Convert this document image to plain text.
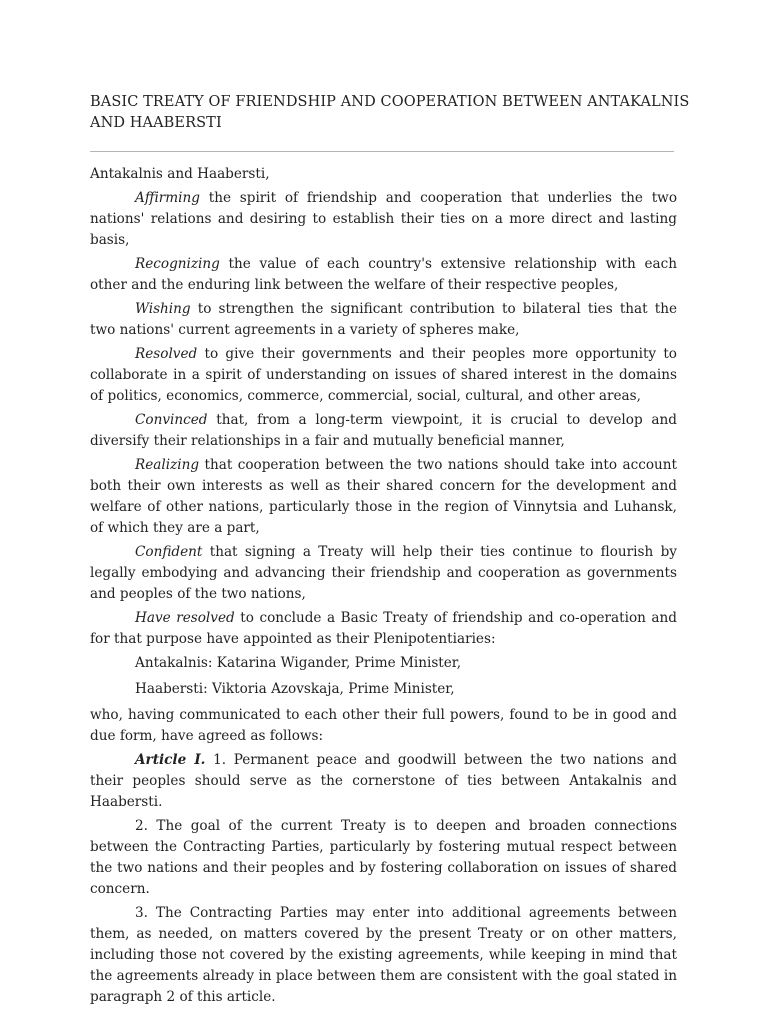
BASIC TREATY OF FRIENDSHIP AND COOPERATION BETWEEN ANTAKALNIS AND HAABERSTI

Antakalnis and Haabersti,

Affirming the spirit of friendship and cooperation that underlies the two nations' relations and desiring to establish their ties on a more direct and lasting basis,

Recognizing the value of each country's extensive relationship with each other and the enduring link between the welfare of their respective peoples,

Wishing to strengthen the significant contribution to bilateral ties that the two nations' current agreements in a variety of spheres make,

Resolved to give their governments and their peoples more opportunity to collaborate in a spirit of understanding on issues of shared interest in the domains of politics, economics, commerce, commercial, social, cultural, and other areas,

Convinced that, from a long-term viewpoint, it is crucial to develop and diversify their relationships in a fair and mutually beneficial manner,

Realizing that cooperation between the two nations should take into account both their own interests as well as their shared concern for the development and welfare of other nations, particularly those in the region of Vinnytsia and Luhansk, of which they are a part,

Confident that signing a Treaty will help their ties continue to flourish by legally embodying and advancing their friendship and cooperation as governments and peoples of the two nations,

Have resolved to conclude a Basic Treaty of friendship and co-operation and for that purpose have appointed as their Plenipotentiaries:

Antakalnis: Katarina Wigander, Prime Minister,

Haabersti: Viktoria Azovskaja, Prime Minister,

who, having communicated to each other their full powers, found to be in good and due form, have agreed as follows:

Article I. 1. Permanent peace and goodwill between the two nations and their peoples should serve as the cornerstone of ties between Antakalnis and Haabersti.

2. The goal of the current Treaty is to deepen and broaden connections between the Contracting Parties, particularly by fostering mutual respect between the two nations and their peoples and by fostering collaboration on issues of shared concern.

3. The Contracting Parties may enter into additional agreements between them, as needed, on matters covered by the present Treaty or on other matters, including those not covered by the existing agreements, while keeping in mind that the agreements already in place between them are consistent with the goal stated in paragraph 2 of this article.
